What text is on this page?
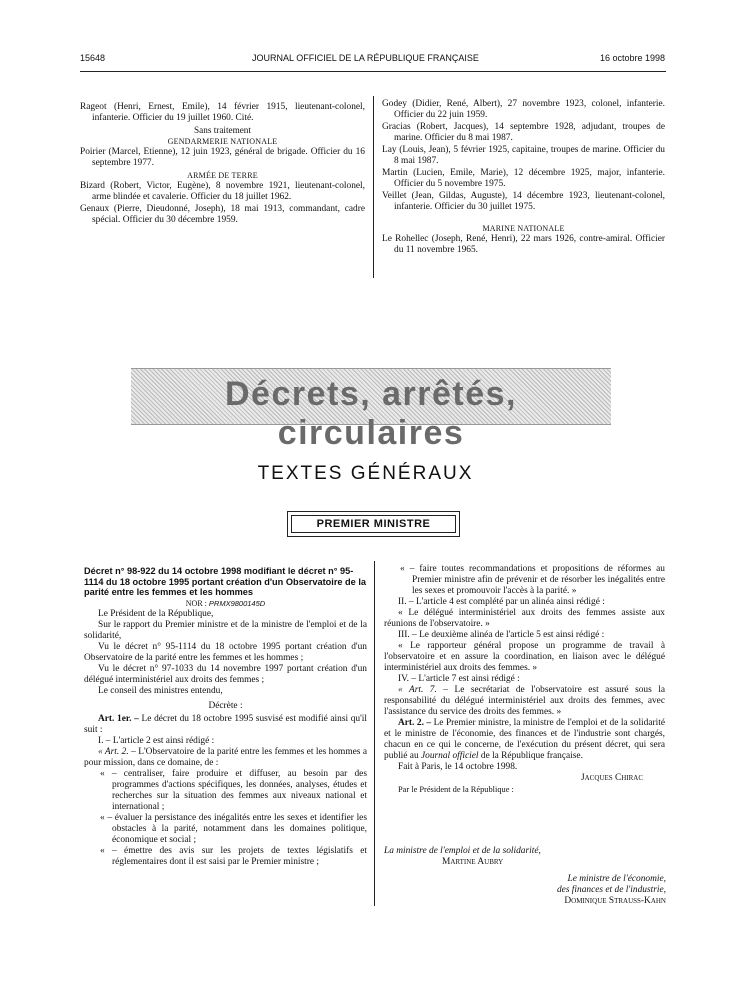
15648	JOURNAL OFFICIEL DE LA RÉPUBLIQUE FRANÇAISE	16 octobre 1998

Rageot (Henri, Ernest, Emile), 14 février 1915, lieutenant-colonel, infanterie. Officier du 19 juillet 1960. Cité.

Sans traitement

GENDARMERIE NATIONALE

Poirier (Marcel, Etienne), 12 juin 1923, général de brigade. Officier du 16 septembre 1977.

ARMÉE DE TERRE

Bizard (Robert, Victor, Eugène), 8 novembre 1921, lieutenant-colonel, arme blindée et cavalerie. Officier du 18 juillet 1962.

Genaux (Pierre, Dieudonné, Joseph), 18 mai 1913, commandant, cadre spécial. Officier du 30 décembre 1959.

Godey (Didier, René, Albert), 27 novembre 1923, colonel, infanterie. Officier du 22 juin 1959.

Gracias (Robert, Jacques), 14 septembre 1928, adjudant, troupes de marine. Officier du 8 mai 1987.

Lay (Louis, Jean), 5 février 1925, capitaine, troupes de marine. Officier du 8 mai 1987.

Martin (Lucien, Emile, Marie), 12 décembre 1925, major, infanterie. Officier du 5 novembre 1975.

Veillet (Jean, Gildas, Auguste), 14 décembre 1923, lieutenant-colonel, infanterie. Officier du 30 juillet 1975.

MARINE NATIONALE

Le Rohellec (Joseph, René, Henri), 22 mars 1926, contre-amiral. Officier du 11 novembre 1965.

Décrets, arrêtés, circulaires
TEXTES GÉNÉRAUX
PREMIER MINISTRE

Décret n° 98-922 du 14 octobre 1998 modifiant le décret n° 95-1114 du 18 octobre 1995 portant création d'un Observatoire de la parité entre les femmes et les hommes

NOR : PRMX9800145D

Le Président de la République,

Sur le rapport du Premier ministre et de la ministre de l'emploi et de la solidarité,

Vu le décret n° 95-1114 du 18 octobre 1995 portant création d'un Observatoire de la parité entre les femmes et les hommes ;

Vu le décret n° 97-1033 du 14 novembre 1997 portant création d'un délégué interministériel aux droits des femmes ;

Le conseil des ministres entendu,

Décrète :

Art. 1er. – Le décret du 18 octobre 1995 susvisé est modifié ainsi qu'il suit :

I. – L'article 2 est ainsi rédigé :

« Art. 2. – L'Observatoire de la parité entre les femmes et les hommes a pour mission, dans ce domaine, de :

« – centraliser, faire produire et diffuser, au besoin par des programmes d'actions spécifiques, les données, analyses, études et recherches sur la situation des femmes aux niveaux national et international ;

« – évaluer la persistance des inégalités entre les sexes et identifier les obstacles à la parité, notamment dans les domaines politique, économique et social ;

« – émettre des avis sur les projets de textes législatifs et réglementaires dont il est saisi par le Premier ministre ;

« – faire toutes recommandations et propositions de réformes au Premier ministre afin de prévenir et de résorber les inégalités entre les sexes et promouvoir l'accès à la parité. »

II. – L'article 4 est complété par un alinéa ainsi rédigé :

« Le délégué interministériel aux droits des femmes assiste aux réunions de l'observatoire. »

III. – Le deuxième alinéa de l'article 5 est ainsi rédigé :

« Le rapporteur général propose un programme de travail à l'observatoire et en assure la coordination, en liaison avec le délégué interministériel aux droits des femmes. »

IV. – L'article 7 est ainsi rédigé :

« Art. 7. – Le secrétariat de l'observatoire est assuré sous la responsabilité du délégué interministériel aux droits des femmes, avec l'assistance du service des droits des femmes. »

Art. 2. – Le Premier ministre, la ministre de l'emploi et de la solidarité et le ministre de l'économie, des finances et de l'industrie sont chargés, chacun en ce qui le concerne, de l'exécution du présent décret, qui sera publié au Journal officiel de la République française.

Fait à Paris, le 14 octobre 1998.

Jacques Chirac

Par le Président de la République :

La ministre de l'emploi et de la solidarité,

Martine Aubry

Le ministre de l'économie,

des finances et de l'industrie,

Dominique Strauss-Kahn
